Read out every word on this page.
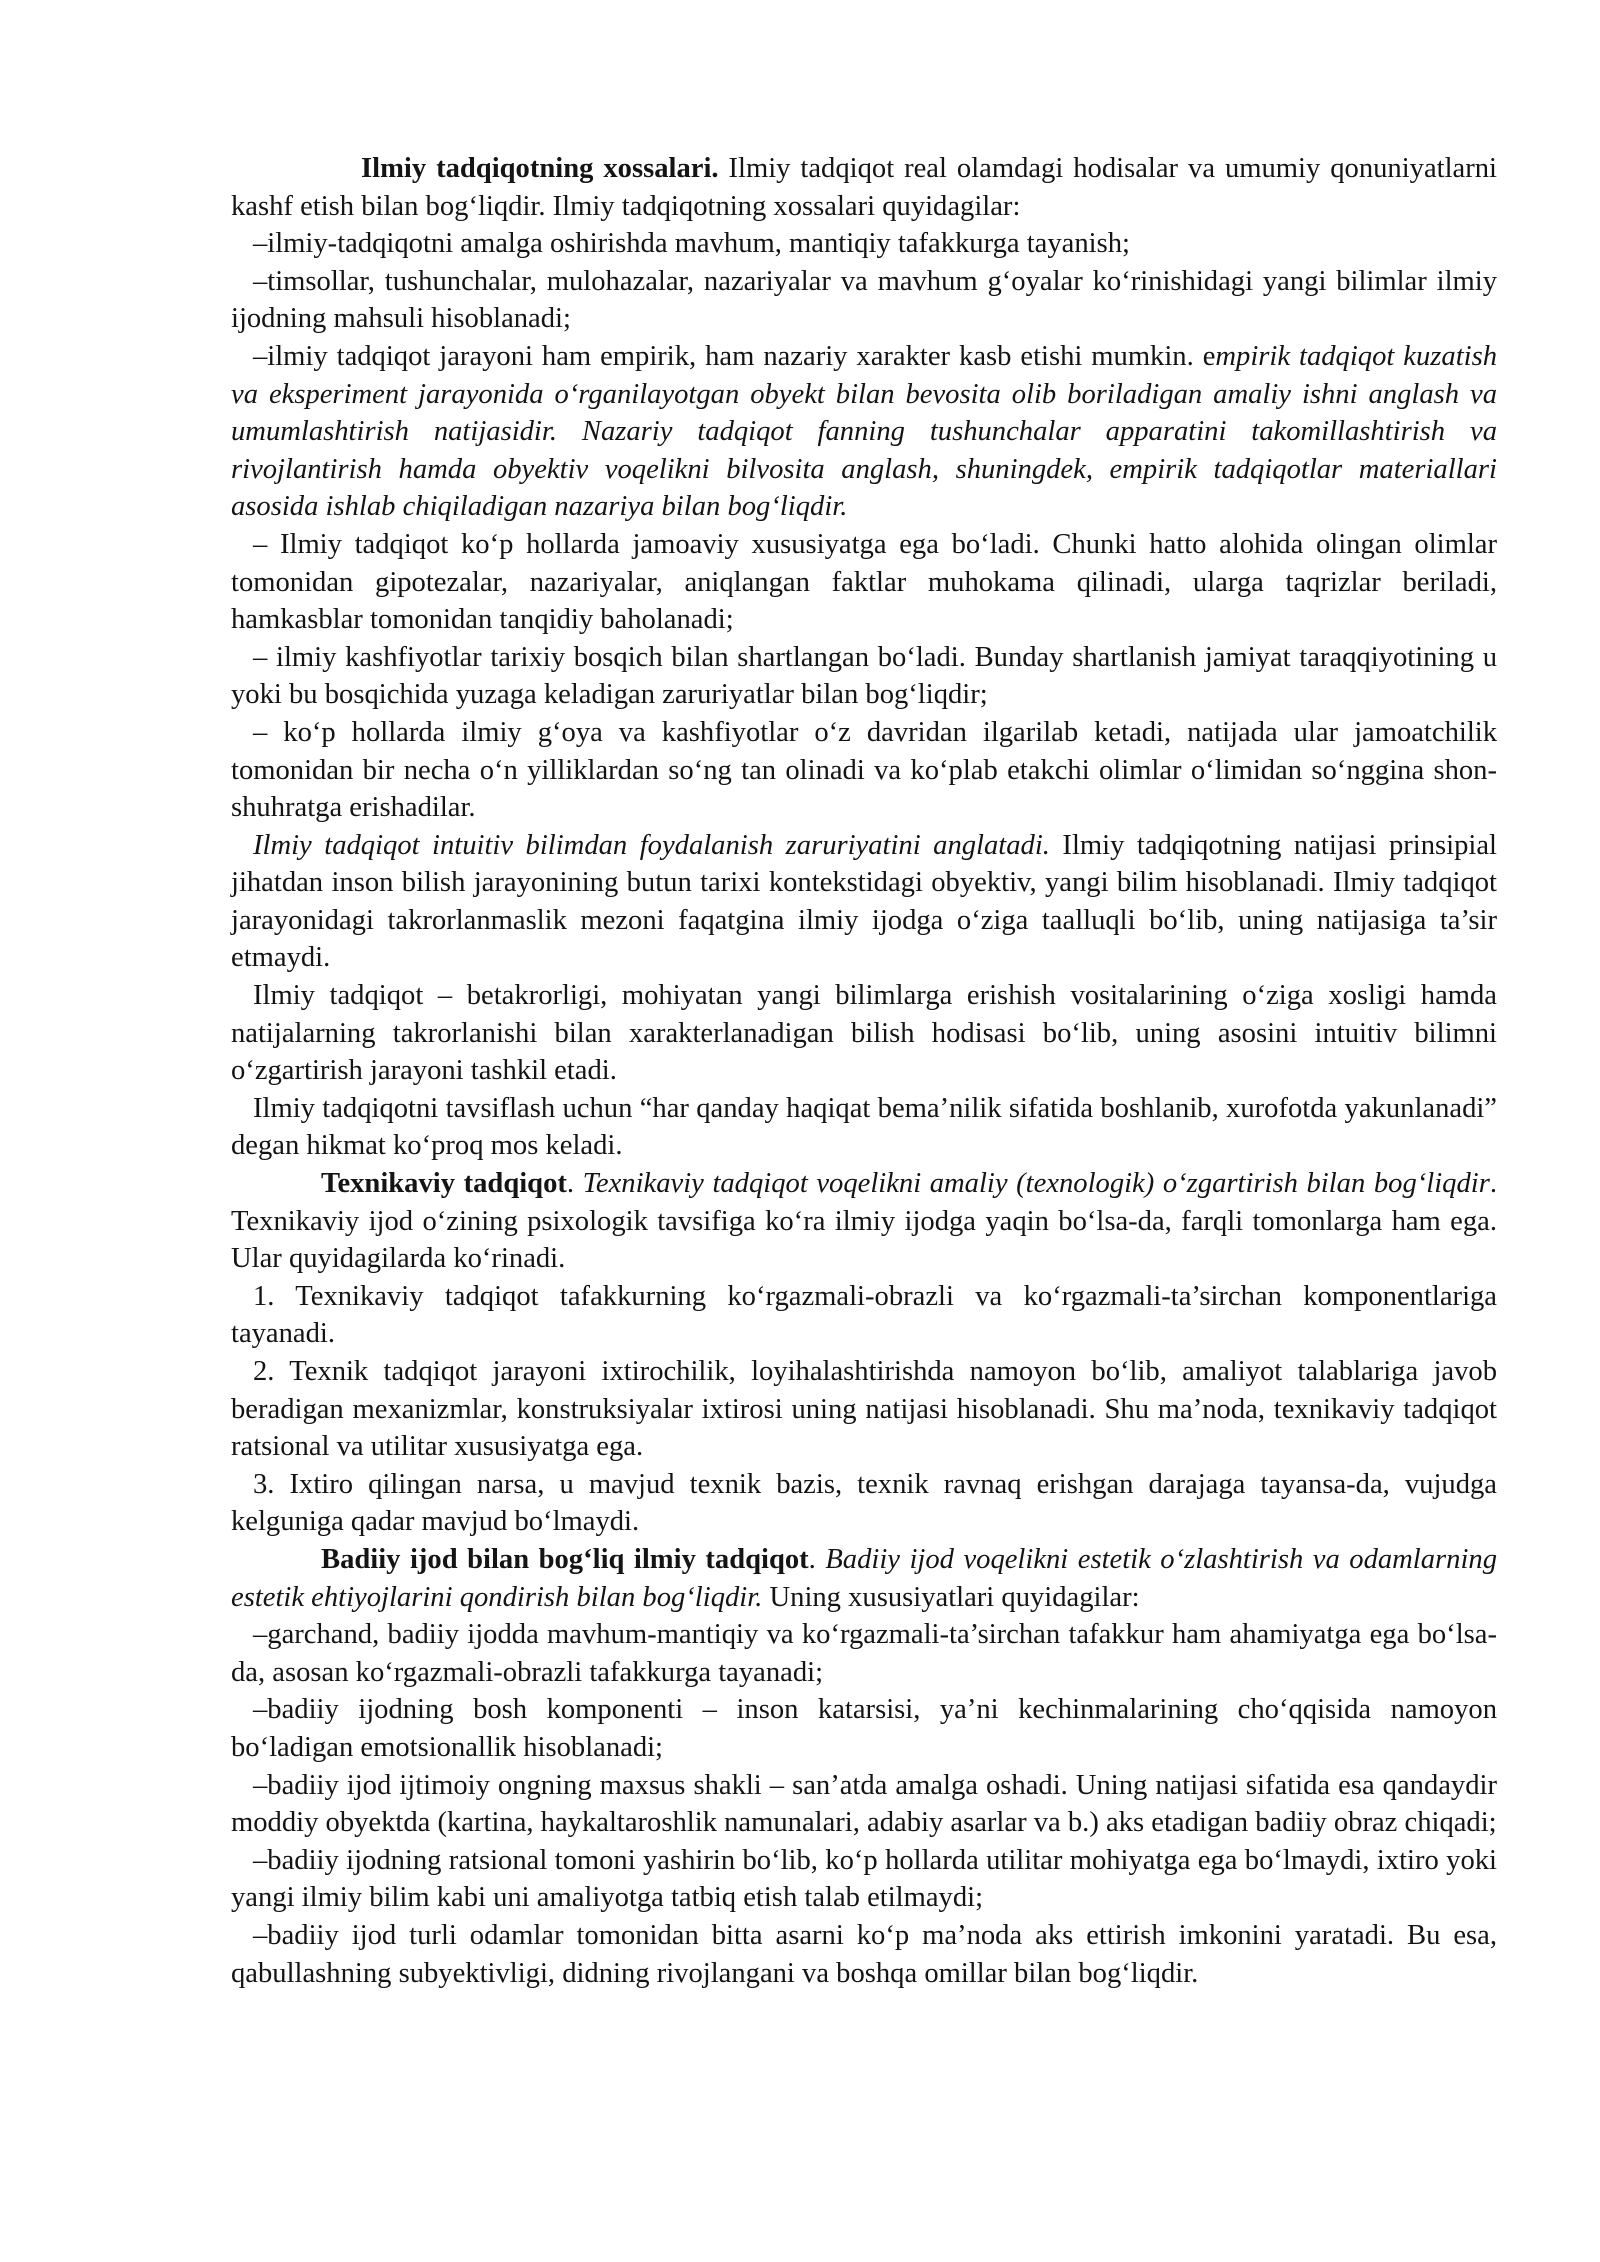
Ilmiy tadqiqotning xossalari. Ilmiy tadqiqot real olamdagi hodisalar va umumiy qonuniyatlarni kashf etish bilan bog‘liqdir. Ilmiy tadqiqotning xossalari quyidagilar:

–ilmiy-tadqiqotni amalga oshirishda mavhum, mantiqiy tafakkurga tayanish;

–timsollar, tushunchalar, mulohazalar, nazariyalar va mavhum g‘oyalar ko‘rinishidagi yangi bilimlar ilmiy ijodning mahsuli hisoblanadi;

–ilmiy tadqiqot jarayoni ham empirik, ham nazariy xarakter kasb etishi mumkin. empirik tadqiqot kuzatish va eksperiment jarayonida o‘rganilayotgan obyekt bilan bevosita olib boriladigan amaliy ishni anglash va umumlashtirish natijasidir. Nazariy tadqiqot fanning tushunchalar apparatini takomillashtirish va rivojlantirish hamda obyektiv voqelikni bilvosita anglash, shuningdek, empirik tadqiqotlar materiallari asosida ishlab chiqiladigan nazariya bilan bog‘liqdir.

– Ilmiy tadqiqot ko‘p hollarda jamoaviy xususiyatga ega bo‘ladi. Chunki hatto alohida olingan olimlar tomonidan gipotezalar, nazariyalar, aniqlangan faktlar muhokama qilinadi, ularga taqrizlar beriladi, hamkasblar tomonidan tanqidiy baholanadi;

– ilmiy kashfiyotlar tarixiy bosqich bilan shartlangan bo‘ladi. Bunday shartlanish jamiyat taraqqiyotining u yoki bu bosqichida yuzaga keladigan zaruriyatlar bilan bog‘liqdir;

– ko‘p hollarda ilmiy g‘oya va kashfiyotlar o‘z davridan ilgarilab ketadi, natijada ular jamoatchilik tomonidan bir necha o‘n yilliklardan so‘ng tan olinadi va ko‘plab etakchi olimlar o‘limidan so‘nggina shon-shuhratga erishadilar.

Ilmiy tadqiqot intuitiv bilimdan foydalanish zaruriyatini anglatadi. Ilmiy tadqiqotning natijasi prinsipial jihatdan inson bilish jarayonining butun tarixi kontekstidagi obyektiv, yangi bilim hisoblanadi. Ilmiy tadqiqot jarayonidagi takrorlanmaslik mezoni faqatgina ilmiy ijodga o‘ziga taalluqli bo‘lib, uning natijasiga ta’sir etmaydi.

Ilmiy tadqiqot – betakrorligi, mohiyatan yangi bilimlarga erishish vositalarining o‘ziga xosligi hamda natijalarning takrorlanishi bilan xarakterlanadigan bilish hodisasi bo‘lib, uning asosini intuitiv bilimni o‘zgartirish jarayoni tashkil etadi.

Ilmiy tadqiqotni tavsiflash uchun “har qanday haqiqat bema’nilik sifatida boshlanib, xurofotda yakunlanadi” degan hikmat ko‘proq mos keladi.

Texnikaviy tadqiqot. Texnikaviy tadqiqot voqelikni amaliy (texnologik) o‘zgartirish bilan bog‘liqdir. Texnikaviy ijod o‘zining psixologik tavsifiga ko‘ra ilmiy ijodga yaqin bo‘lsa-da, farqli tomonlarga ham ega. Ular quyidagilarda ko‘rinadi.

1. Texnikaviy tadqiqot tafakkurning ko‘rgazmali-obrazli va ko‘rgazmali-ta’sirchan komponentlariga tayanadi.

2. Texnik tadqiqot jarayoni ixtirochilik, loyihalashtirishda namoyon bo‘lib, amaliyot talablariga javob beradigan mexanizmlar, konstruksiyalar ixtirosi uning natijasi hisoblanadi. Shu ma’noda, texnikaviy tadqiqot ratsional va utilitar xususiyatga ega.

3. Ixtiro qilingan narsa, u mavjud texnik bazis, texnik ravnaq erishgan darajaga tayansa-da, vujudga kelguniga qadar mavjud bo‘lmaydi.

Badiiy ijod bilan bog‘liq ilmiy tadqiqot. Badiiy ijod voqelikni estetik o‘zlashtirish va odamlarning estetik ehtiyojlarini qondirish bilan bog‘liqdir. Uning xususiyatlari quyidagilar:

–garchand, badiiy ijodda mavhum-mantiqiy va ko‘rgazmali-ta’sirchan tafakkur ham ahamiyatga ega bo‘lsa-da, asosan ko‘rgazmali-obrazli tafakkurga tayanadi;

–badiiy ijodning bosh komponenti – inson katarsisi, ya’ni kechinmalarining cho‘qqisida namoyon bo‘ladigan emotsionallik hisoblanadi;

–badiiy ijod ijtimoiy ongning maxsus shakli – san’atda amalga oshadi. Uning natijasi sifatida esa qandaydir moddiy obyektda (kartina, haykaltaroshlik namunalari, adabiy asarlar va b.) aks etadigan badiiy obraz chiqadi;

–badiiy ijodning ratsional tomoni yashirin bo‘lib, ko‘p hollarda utilitar mohiyatga ega bo‘lmaydi, ixtiro yoki yangi ilmiy bilim kabi uni amaliyotga tatbiq etish talab etilmaydi;

–badiiy ijod turli odamlar tomonidan bitta asarni ko‘p ma’noda aks ettirish imkonini yaratadi. Bu esa, qabullashning subyektivligi, didning rivojlangani va boshqa omillar bilan bog‘liqdir.
